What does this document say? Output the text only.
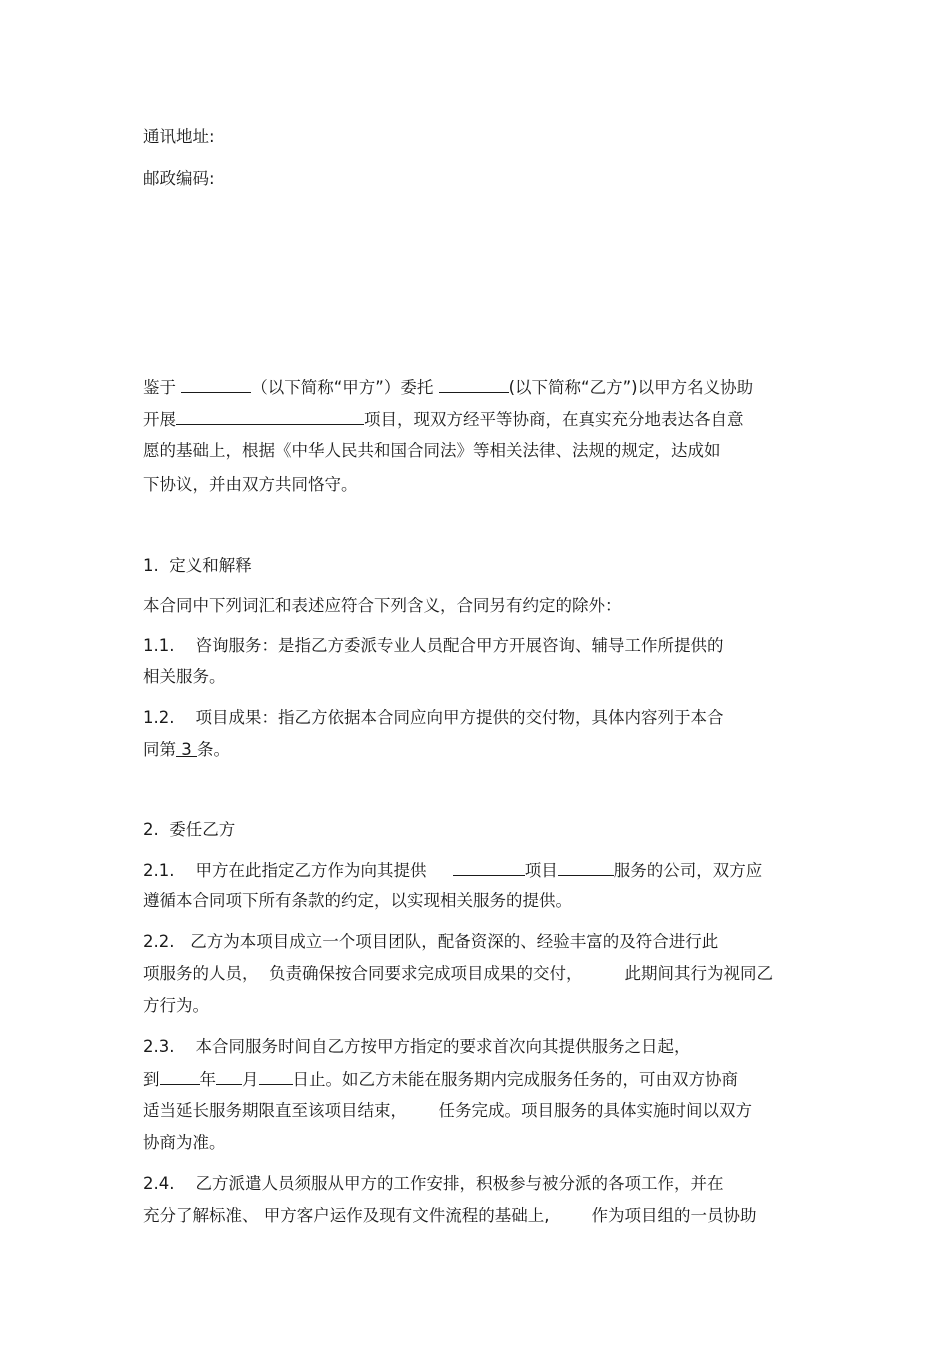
通讯地址:
邮政编码:
鉴于	（以下简称“甲方”）委托	(以下简称“乙方”)以甲方名义协助
开展	项目，现双方经平等协商，在真实充分地表达各自意
愿的基础上，根据《中华人民共和国合同法》等相关法律、法规的规定，达成如
下协议，并由双方共同恪守。
1.  定义和解释
本合同中下列词汇和表述应符合下列含义，合同另有约定的除外：
1.1.    咨询服务：是指乙方委派专业人员配合甲方开展咨询、辅导工作所提供的
相关服务。
1.2.    项目成果：指乙方依据本合同应向甲方提供的交付物，具体内容列于本合
同第 3 条。
2.  委任乙方
2.1.    甲方在此指定乙方作为向其提供	项目	服务的公司，双方应
遵循本合同项下所有条款的约定，以实现相关服务的提供。
2.2.   乙方为本项目成立一个项目团队，配备资深的、经验丰富的及符合进行此
项服务的人员，  负责确保按合同要求完成项目成果的交付，        此期间其行为视同乙
方行为。
2.3.    本合同服务时间自乙方按甲方指定的要求首次向其提供服务之日起，
到 年 月 日止。如乙方未能在服务期内完成服务任务的，可由双方协商
适当延长服务期限直至该项目结束，      任务完成。项目服务的具体实施时间以双方
协商为准。
2.4.    乙方派遣人员须服从甲方的工作安排，积极参与被分派的各项工作，并在
充分了解标准、 甲方客户运作及现有文件流程的基础上,        作为项目组的一员协助
